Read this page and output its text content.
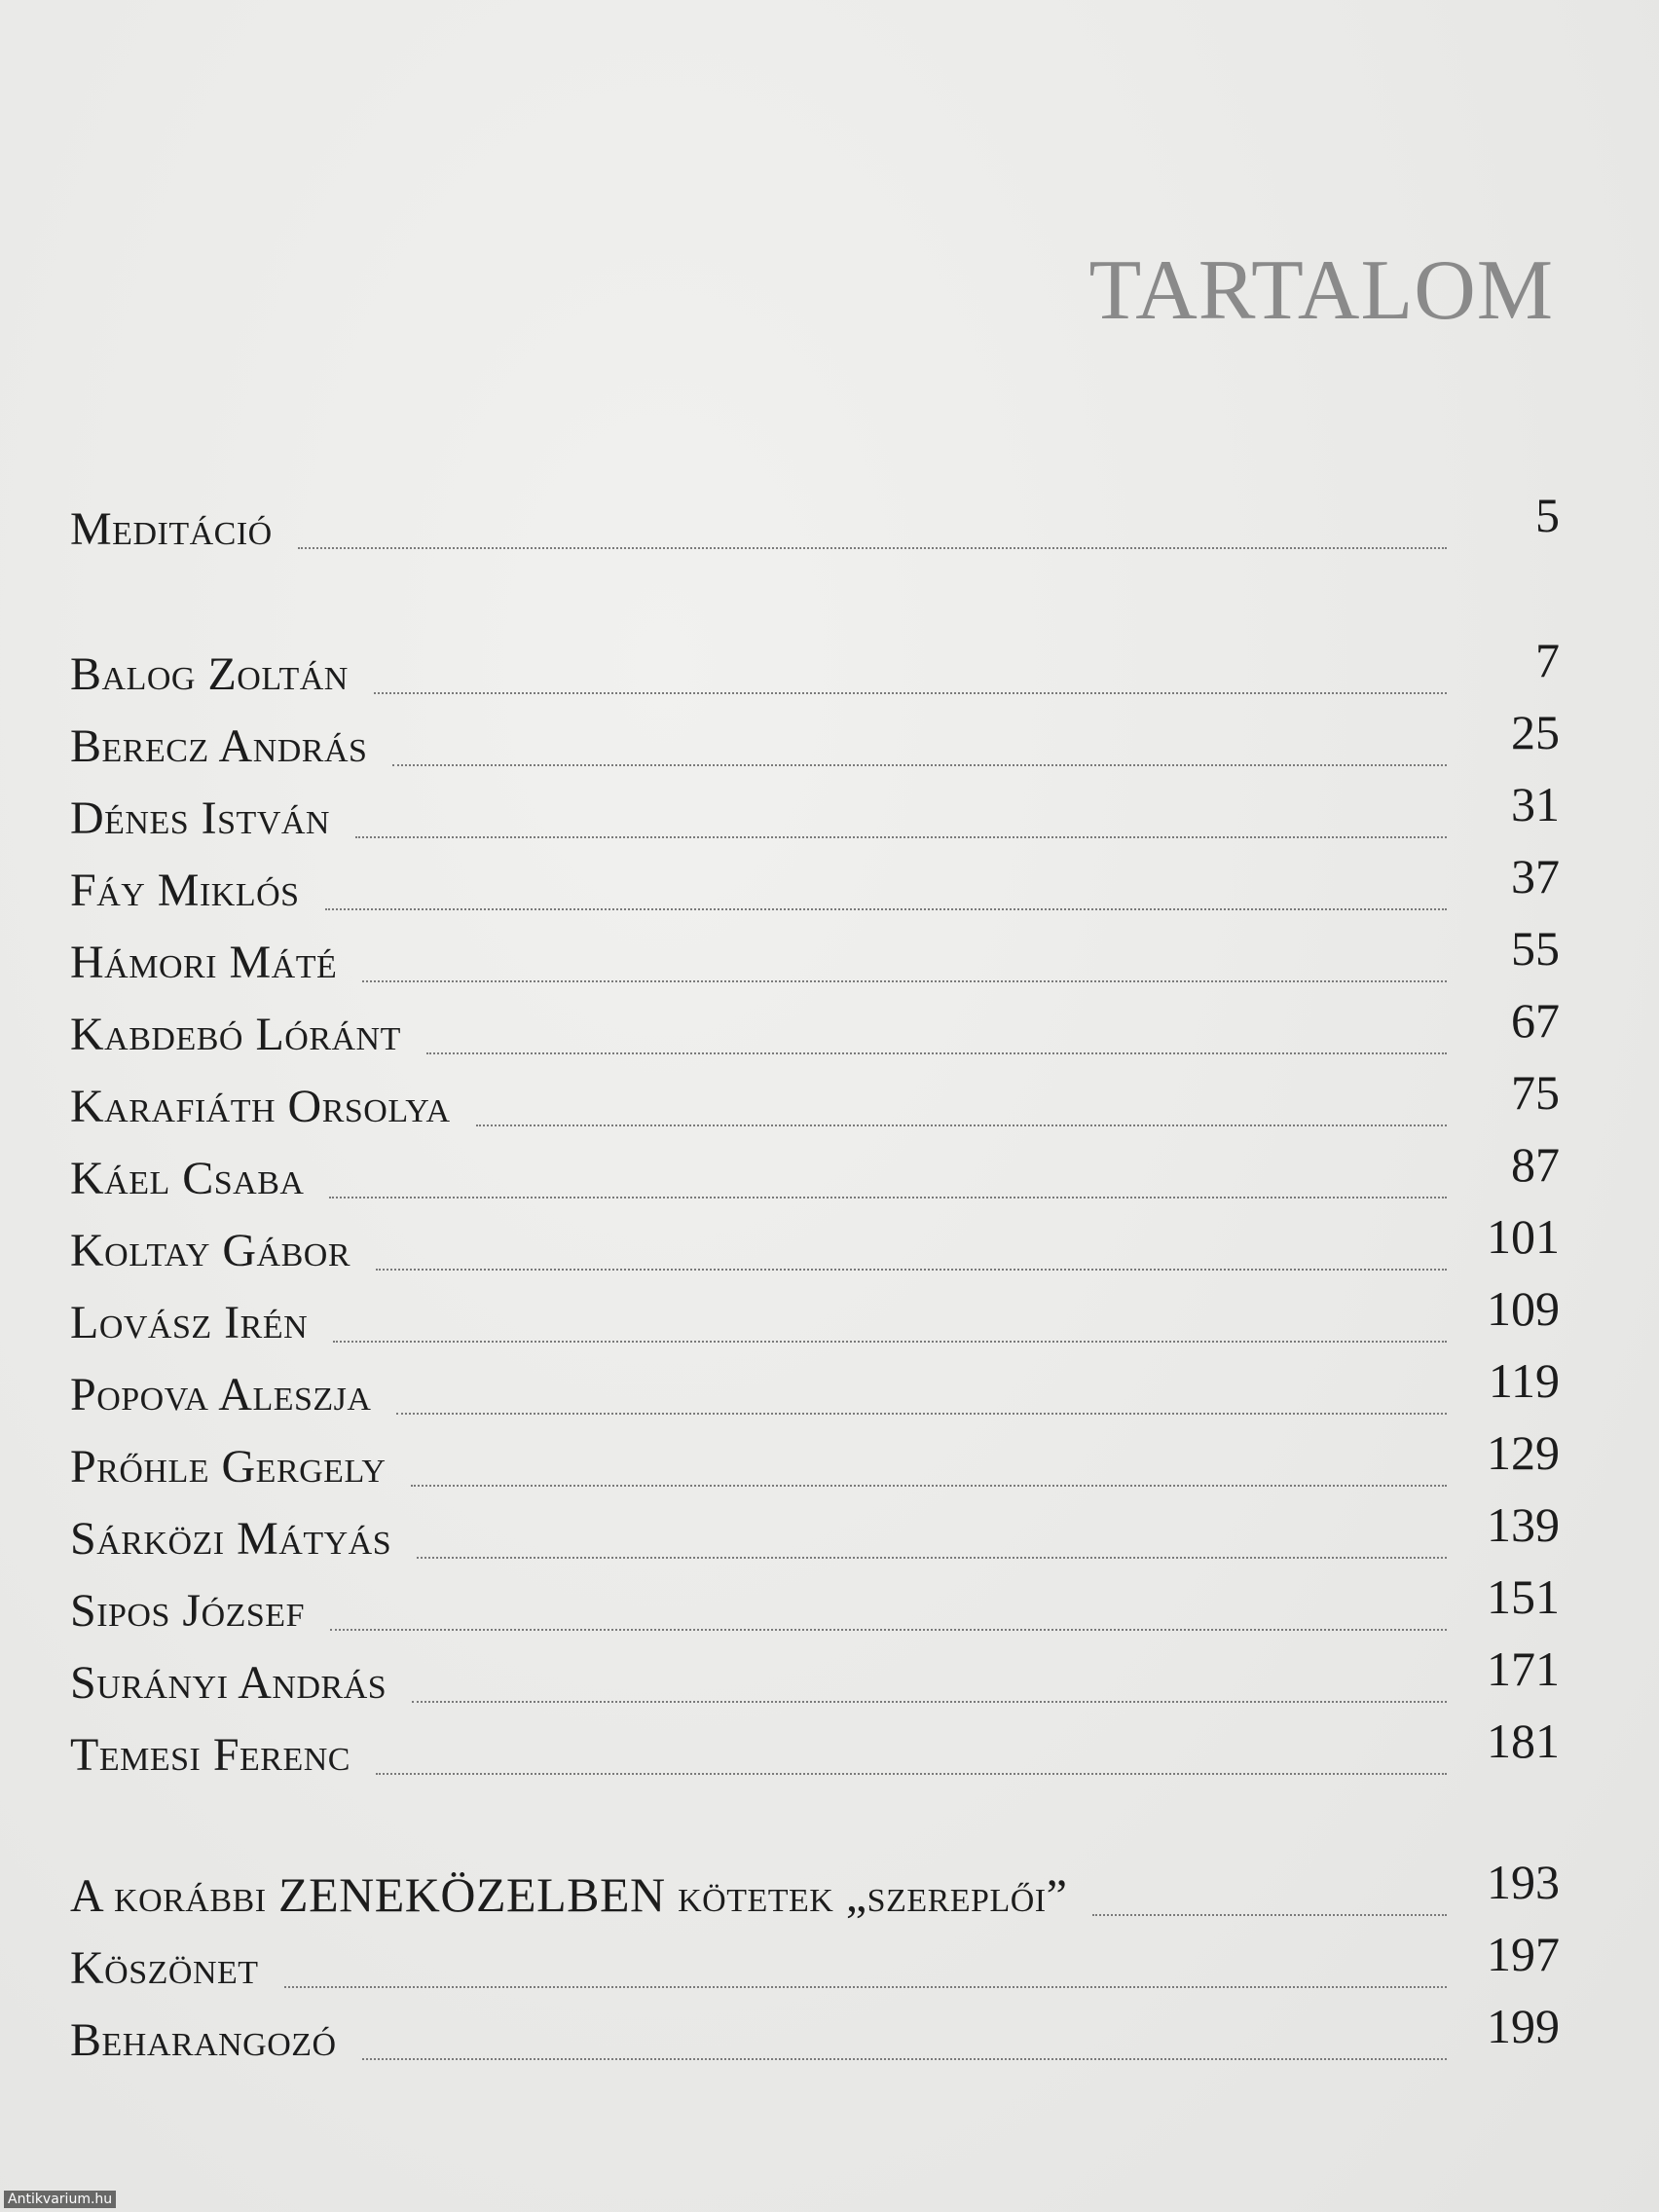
TARTALOM
Meditáció	5
Balog Zoltán	7
Berecz András	25
Dénes István	31
Fáy Miklós	37
Hámori Máté	55
Kabdebó Lóránt	67
Karafiáth Orsolya	75
Káel Csaba	87
Koltay Gábor	101
Lovász Irén	109
Popova Aleszja	119
Prőhle Gergely	129
Sárközi Mátyás	139
Sipos József	151
Surányi András	171
Temesi Ferenc	181
A korábbi ZENEKÖZELBEN kötetek „szereplői”	193
Köszönet	197
Beharangozó	199
Antikvarium.hu
